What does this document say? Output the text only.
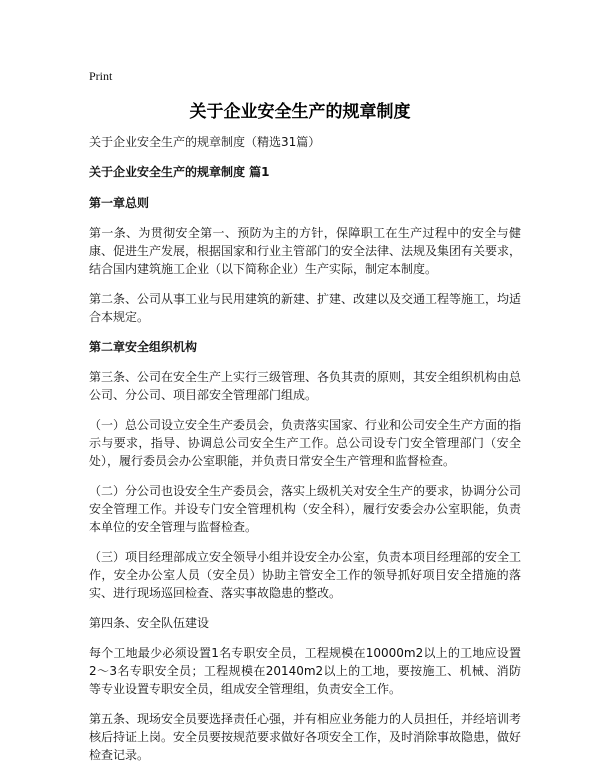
Print
关于企业安全生产的规章制度

关于企业安全生产的规章制度（精选31篇）

关于企业安全生产的规章制度 篇1

第一章总则

第一条、为贯彻安全第一、预防为主的方针，保障职工在生产过程中的安全与健康、促进生产发展，根据国家和行业主管部门的安全法律、法规及集团有关要求，结合国内建筑施工企业（以下简称企业）生产实际，制定本制度。

第二条、公司从事工业与民用建筑的新建、扩建、改建以及交通工程等施工，均适合本规定。

第二章安全组织机构

第三条、公司在安全生产上实行三级管理、各负其责的原则，其安全组织机构由总公司、分公司、项目部安全管理部门组成。

（一）总公司设立安全生产委员会，负责落实国家、行业和公司安全生产方面的指示与要求，指导、协调总公司安全生产工作。总公司设专门安全管理部门（安全处），履行委员会办公室职能，并负责日常安全生产管理和监督检查。

（二）分公司也设安全生产委员会，落实上级机关对安全生产的要求，协调分公司安全管理工作。并设专门安全管理机构（安全科），履行安委会办公室职能，负责本单位的安全管理与监督检查。

（三）项目经理部成立安全领导小组并设安全办公室，负责本项目经理部的安全工作，安全办公室人员（安全员）协助主管安全工作的领导抓好项目安全措施的落实、进行现场巡回检查、落实事故隐患的整改。

第四条、安全队伍建设

每个工地最少必须设置1名专职安全员，工程规模在10000m2以上的工地应设置2～3名专职安全员；工程规模在20140m2以上的工地，要按施工、机械、消防等专业设置专职安全员，组成安全管理组，负责安全工作。

第五条、现场安全员要选择责任心强，并有相应业务能力的人员担任，并经培训考核后持证上岗。安全员要按规范要求做好各项安全工作，及时消除事故隐患，做好检查记录。
